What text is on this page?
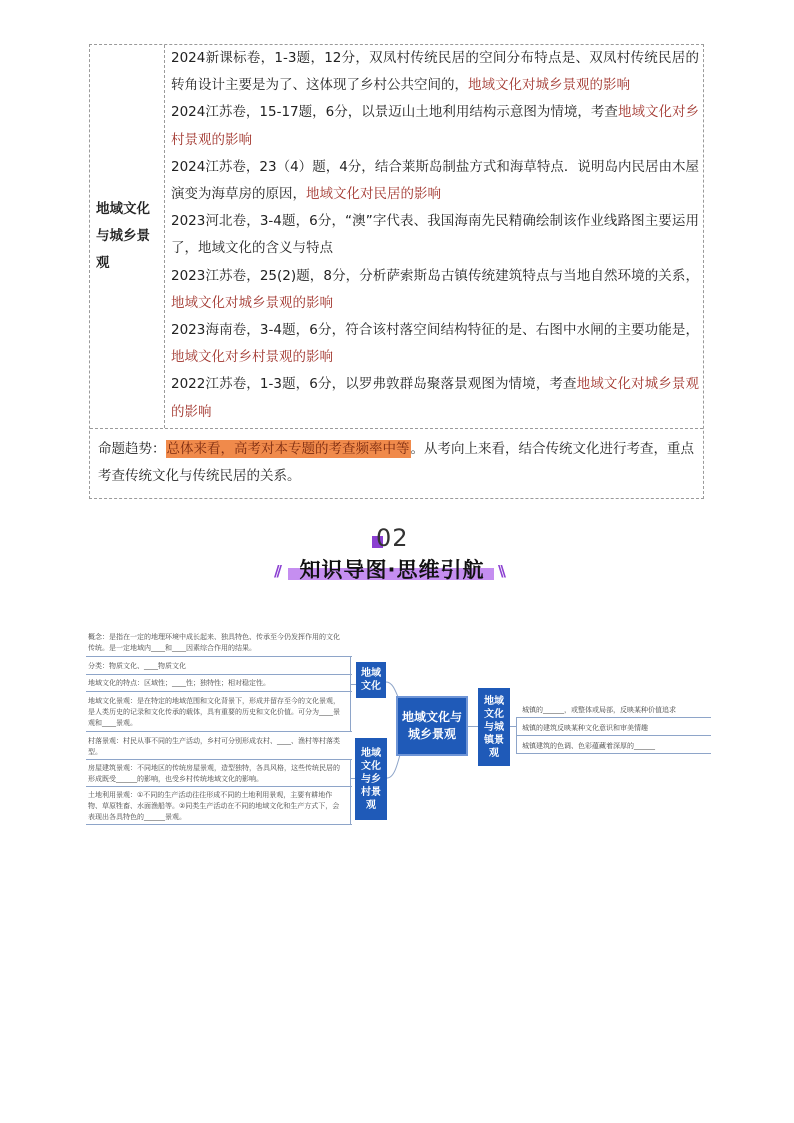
地域文化与城乡景观
2024新课标卷，1-3题，12分，双凤村传统民居的空间分布特点是、双凤村传统民居的转角设计主要是为了、这体现了乡村公共空间的，地域文化对城乡景观的影响
2024江苏卷，15-17题，6分，以景迈山土地利用结构示意图为情境，考查地域文化对乡村景观的影响
2024江苏卷，23（4）题，4分，结合莱斯岛制盐方式和海草特点．说明岛内民居由木屋演变为海草房的原因，地域文化对民居的影响
2023河北卷，3-4题，6分，“澳”字代表、我国海南先民精确绘制该作业线路图主要运用了，地域文化的含义与特点
2023江苏卷，25(2)题，8分，分析萨索斯岛古镇传统建筑特点与当地自然环境的关系，地域文化对城乡景观的影响
2023海南卷，3-4题，6分，符合该村落空间结构特征的是、右图中水闸的主要功能是，地域文化对乡村景观的影响
2022江苏卷，1-3题，6分，以罗弗敦群岛聚落景观图为情境，考查地域文化对城乡景观的影响
命题趋势：总体来看，高考对本专题的考查频率中等。从考向上来看，结合传统文化进行考查，重点考查传统文化与传统民居的关系。
02
//	\\
知识导图·思维引航
概念：是指在一定的地理环境中成长起来、独具特色、传承至今仍发挥作用的文化传统。是一定地域内____和____因素综合作用的结果。
分类：物质文化、____物质文化
地域文化的特点：区域性；____性；独特性；相对稳定性。
地域文化景观：是在特定的地域范围和文化背景下，形成并留存至今的文化景观，是人类历史的记录和文化传承的载体，具有重要的历史和文化价值。可分为____景观和____景观。
村落景观：村民从事不同的生产活动，乡村可分别形成农村、____、渔村等村落类型。
房屋建筑景观：不同地区的传统房屋景观，造型独特，各具风格，这些传统民居的形成既受______的影响，也受乡村传统地域文化的影响。
土地利用景观：①不同的生产活动往往形成不同的土地利用景观，主要有耕地作物、草原牲畜、水面渔船等。②同类生产活动在不同的地域文化和生产方式下，会表现出各具特色的______景观。
地域文化
地域文化与乡村景观
地域文化与城乡景观
地域文化与城镇景观
城镇的______，或整体或局部，反映某种价值追求
城镇的建筑反映某种文化意识和审美情趣
城镇建筑的色调、色彩蕴藏着深厚的______
